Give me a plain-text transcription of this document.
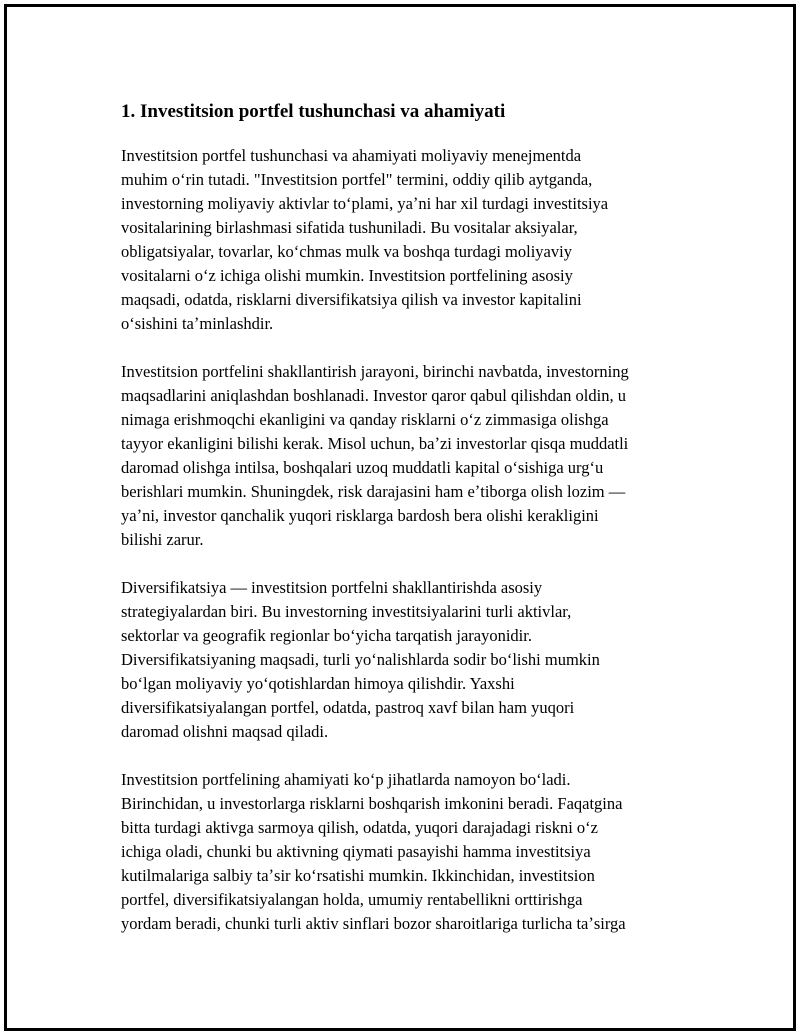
1. Investitsion portfel tushunchasi va ahamiyati

Investitsion portfel tushunchasi va ahamiyati moliyaviy menejmentda
muhim oʻrin tutadi. "Investitsion portfel" termini, oddiy qilib aytganda,
investorning moliyaviy aktivlar toʻplami, yaʼni har xil turdagi investitsiya
vositalarining birlashmasi sifatida tushuniladi. Bu vositalar aksiyalar,
obligatsiyalar, tovarlar, koʻchmas mulk va boshqa turdagi moliyaviy
vositalarni oʻz ichiga olishi mumkin. Investitsion portfelining asosiy
maqsadi, odatda, risklarni diversifikatsiya qilish va investor kapitalini
oʻsishini taʼminlashdir.

Investitsion portfelini shakllantirish jarayoni, birinchi navbatda, investorning
maqsadlarini aniqlashdan boshlanadi. Investor qaror qabul qilishdan oldin, u
nimaga erishmoqchi ekanligini va qanday risklarni oʻz zimmasiga olishga
tayyor ekanligini bilishi kerak. Misol uchun, baʼzi investorlar qisqa muddatli
daromad olishga intilsa, boshqalari uzoq muddatli kapital oʻsishiga urgʻu
berishlari mumkin. Shuningdek, risk darajasini ham eʼtiborga olish lozim —
yaʼni, investor qanchalik yuqori risklarga bardosh bera olishi kerakligini
bilishi zarur.

Diversifikatsiya — investitsion portfelni shakllantirishda asosiy
strategiyalardan biri. Bu investorning investitsiyalarini turli aktivlar,
sektorlar va geografik regionlar boʻyicha tarqatish jarayonidir.
Diversifikatsiyaning maqsadi, turli yoʻnalishlarda sodir boʻlishi mumkin
boʻlgan moliyaviy yoʻqotishlardan himoya qilishdir. Yaxshi
diversifikatsiyalangan portfel, odatda, pastroq xavf bilan ham yuqori
daromad olishni maqsad qiladi.

Investitsion portfelining ahamiyati koʻp jihatlarda namoyon boʻladi.
Birinchidan, u investorlarga risklarni boshqarish imkonini beradi. Faqatgina
bitta turdagi aktivga sarmoya qilish, odatda, yuqori darajadagi riskni oʻz
ichiga oladi, chunki bu aktivning qiymati pasayishi hamma investitsiya
kutilmalariga salbiy taʼsir koʻrsatishi mumkin. Ikkinchidan, investitsion
portfel, diversifikatsiyalangan holda, umumiy rentabellikni orttirishga
yordam beradi, chunki turli aktiv sinflari bozor sharoitlariga turlicha taʼsirga
